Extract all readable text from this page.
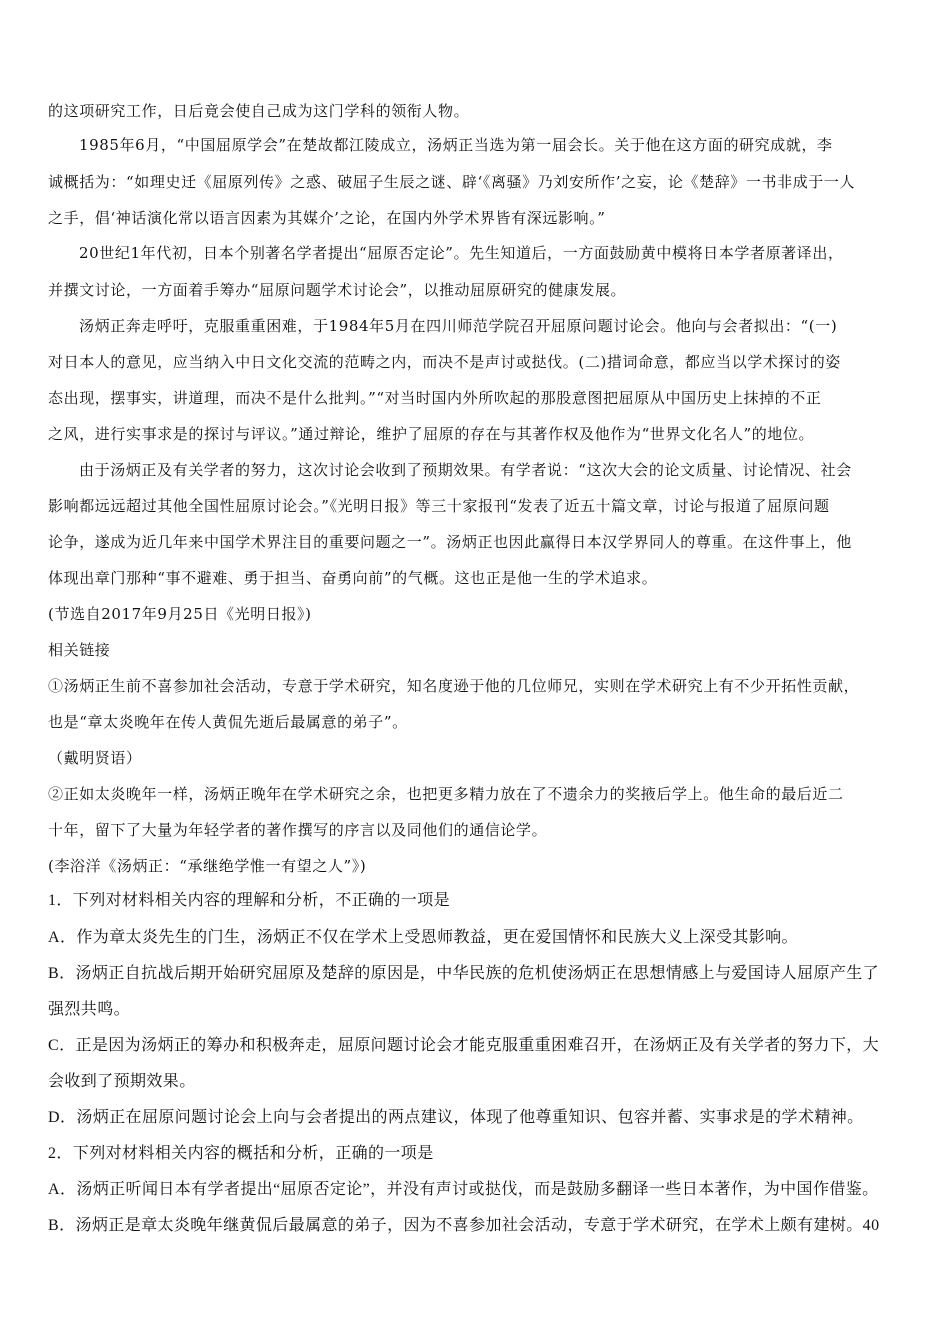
的这项研究工作，日后竟会使自己成为这门学科的领衔人物。
1985年6月，“中国屈原学会”在楚故都江陵成立，汤炳正当选为第一届会长。关于他在这方面的研究成就，李
诚概括为：“如理史迁《屈原列传》之惑、破屈子生辰之谜、辟‘《离骚》乃刘安所作’之妄，论《楚辞》一书非成于一人
之手，倡‘神话演化常以语言因素为其媒介’之论，在国内外学术界皆有深远影响。”
20世纪1年代初，日本个别著名学者提出“屈原否定论”。先生知道后，一方面鼓励黄中模将日本学者原著译出，
并撰文讨论，一方面着手筹办“屈原问题学术讨论会”，以推动屈原研究的健康发展。
汤炳正奔走呼吁，克服重重困难，于1984年5月在四川师范学院召开屈原问题讨论会。他向与会者拟出：“(一)
对日本人的意见，应当纳入中日文化交流的范畴之内，而决不是声讨或挞伐。(二)措词命意，都应当以学术探讨的姿
态出现，摆事实，讲道理，而决不是什么批判。”“对当时国内外所吹起的那股意图把屈原从中国历史上抹掉的不正
之风，进行实事求是的探讨与评议。”通过辩论，维护了屈原的存在与其著作权及他作为“世界文化名人”的地位。
由于汤炳正及有关学者的努力，这次讨论会收到了预期效果。有学者说：“这次大会的论文质量、讨论情况、社会
影响都远远超过其他全国性屈原讨论会。”《光明日报》等三十家报刊“发表了近五十篇文章，讨论与报道了屈原问题
论争，遂成为近几年来中国学术界注目的重要问题之一”。汤炳正也因此赢得日本汉学界同人的尊重。在这件事上，他
体现出章门那种“事不避难、勇于担当、奋勇向前”的气概。这也正是他一生的学术追求。
(节选自2017年9月25日《光明日报》)
相关链接
①汤炳正生前不喜参加社会活动，专意于学术研究，知名度逊于他的几位师兄，实则在学术研究上有不少开拓性贡献，
也是“章太炎晚年在传人黄侃先逝后最属意的弟子”。
（戴明贤语）
②正如太炎晚年一样，汤炳正晚年在学术研究之余，也把更多精力放在了不遗余力的奖掖后学上。他生命的最后近二
十年，留下了大量为年轻学者的著作撰写的序言以及同他们的通信论学。
(李浴洋《汤炳正：“承继绝学惟一有望之人”》)
1．下列对材料相关内容的理解和分析，不正确的一项是
A．作为章太炎先生的门生，汤炳正不仅在学术上受恩师教益，更在爱国情怀和民族大义上深受其影响。
B．汤炳正自抗战后期开始研究屈原及楚辞的原因是，中华民族的危机使汤炳正在思想情感上与爱国诗人屈原产生了
强烈共鸣。
C．正是因为汤炳正的筹办和积极奔走，屈原问题讨论会才能克服重重困难召开，在汤炳正及有关学者的努力下，大
会收到了预期效果。
D．汤炳正在屈原问题讨论会上向与会者提出的两点建议，体现了他尊重知识、包容并蓄、实事求是的学术精神。
2．下列对材料相关内容的概括和分析，正确的一项是
A．汤炳正听闻日本有学者提出“屈原否定论”，并没有声讨或挞伐，而是鼓励多翻译一些日本著作，为中国作借鉴。
B．汤炳正是章太炎晚年继黄侃后最属意的弟子，因为不喜参加社会活动，专意于学术研究，在学术上颇有建树。40
